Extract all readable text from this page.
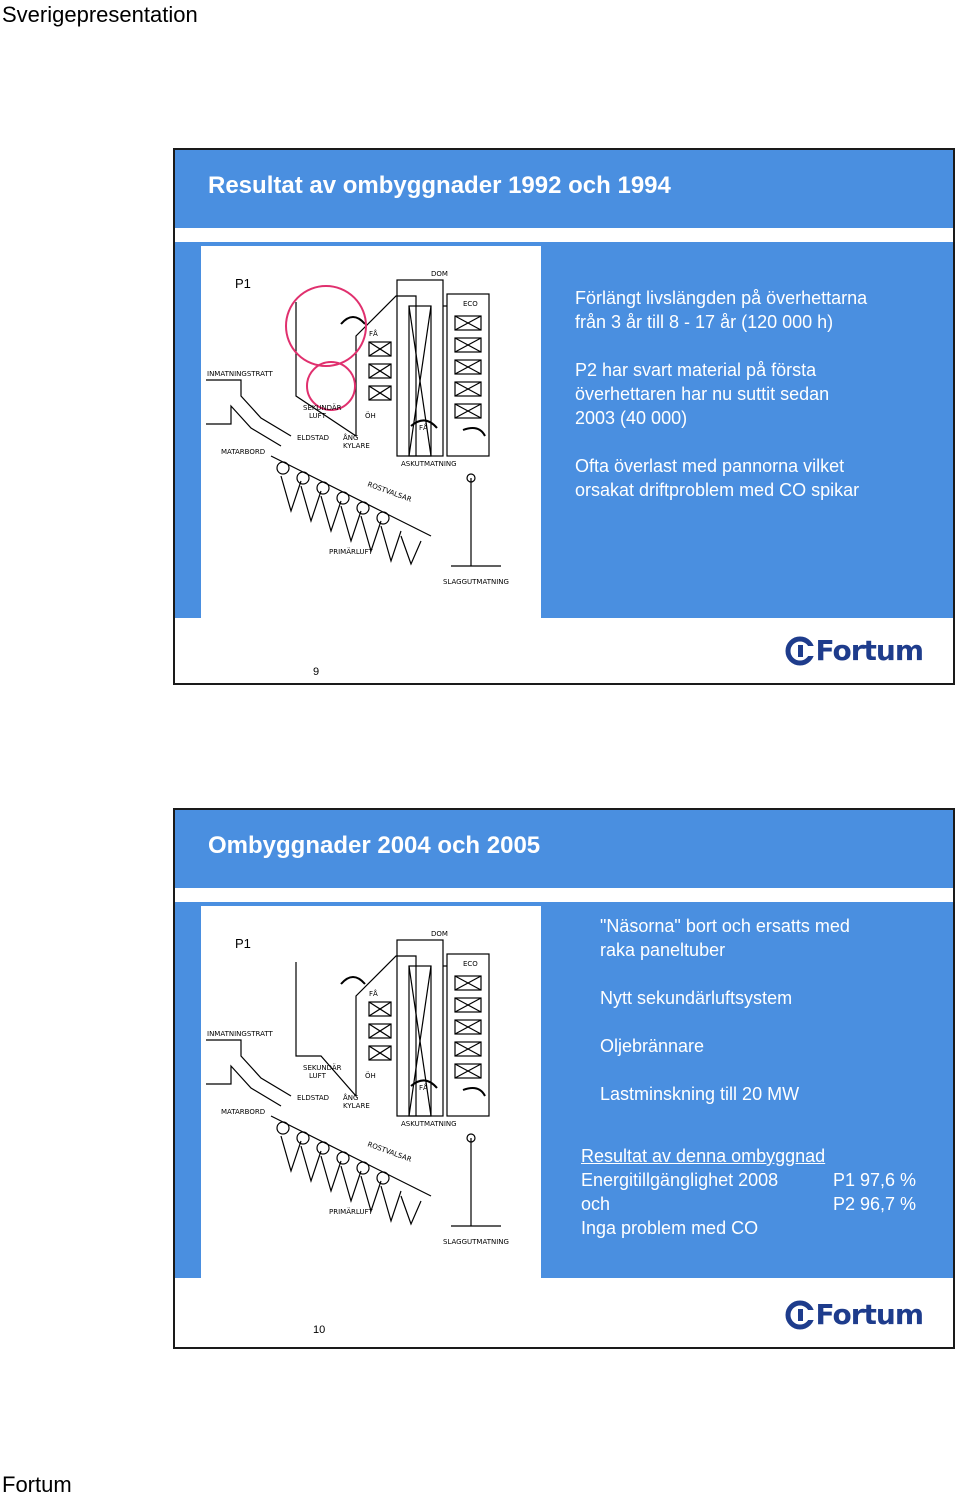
Sverigepresentation
Resultat av ombyggnader 1992 och 1994
P1
DOM
ECO
FÅ
FÅ
ÖH
INMATNINGSTRATT
SEKUNDÄR
LUFT
ELDSTAD ÅNG
KYLARE
MATARBORD
ASKUTMATNING
ROSTVALSAR
PRIMÄRLUFT
SLAGGUTMATNING
Förlängt livslängden på överhettarna
från 3 år till 8 - 17 år (120 000 h)
P2 har svart material på första
överhettaren har nu suttit sedan
2003 (40 000)
Ofta överlast med pannorna vilket
orsakat driftproblem med CO spikar
9
Fortum
Ombyggnader 2004 och 2005
P1
DOM
ECO
FÅ
FÅ
ÖH
INMATNINGSTRATT
SEKUNDÄR
LUFT
ELDSTAD ÅNG
KYLARE
MATARBORD
ASKUTMATNING
ROSTVALSAR
PRIMÄRLUFT
SLAGGUTMATNING
"Näsorna" bort och ersatts med
raka paneltuber
Nytt sekundärluftsystem
Oljebrännare
Lastminskning till 20 MW
Resultat av denna ombyggnad
Energitillgänglighet 2008	P1 97,6 %
och	P2 96,7 %
Inga problem med CO
10	Fortum
Fortum
